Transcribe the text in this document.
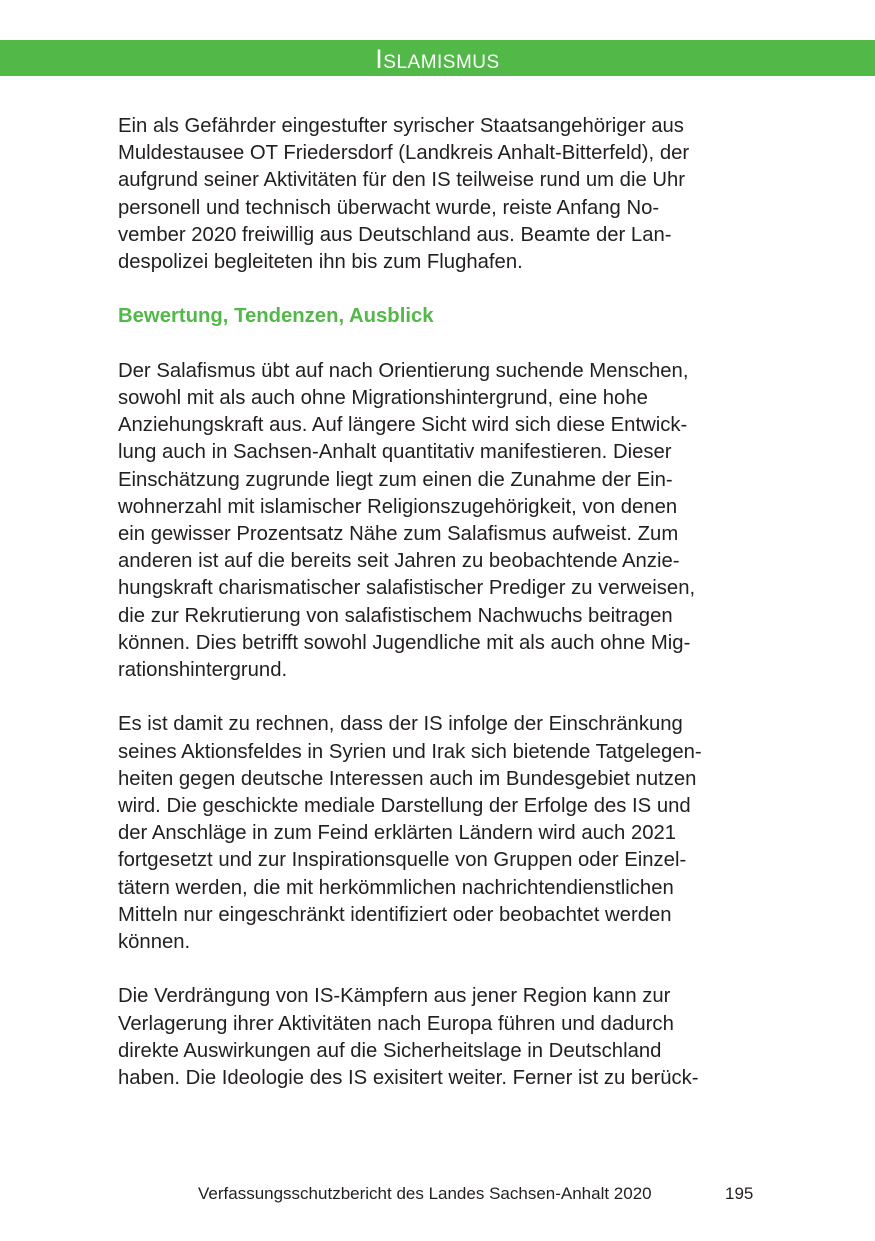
Islamismus

Ein als Gefährder eingestufter syrischer Staatsangehöriger aus
Muldestausee OT Friedersdorf (Landkreis Anhalt-Bitterfeld), der
aufgrund seiner Aktivitäten für den IS teilweise rund um die Uhr
personell und technisch überwacht wurde, reiste Anfang No-
vember 2020 freiwillig aus Deutschland aus. Beamte der Lan-
despolizei begleiteten ihn bis zum Flughafen.

Bewertung, Tendenzen, Ausblick

Der Salafismus übt auf nach Orientierung suchende Menschen,
sowohl mit als auch ohne Migrationshintergrund, eine hohe
Anziehungskraft aus. Auf längere Sicht wird sich diese Entwick-
lung auch in Sachsen-Anhalt quantitativ manifestieren. Dieser
Einschätzung zugrunde liegt zum einen die Zunahme der Ein-
wohnerzahl mit islamischer Religionszugehörigkeit, von denen
ein gewisser Prozentsatz Nähe zum Salafismus aufweist. Zum
anderen ist auf die bereits seit Jahren zu beobachtende Anzie-
hungskraft charismatischer salafistischer Prediger zu verweisen,
die zur Rekrutierung von salafistischem Nachwuchs beitragen
können. Dies betrifft sowohl Jugendliche mit als auch ohne Mig-
rationshintergrund.

Es ist damit zu rechnen, dass der IS infolge der Einschränkung
seines Aktionsfeldes in Syrien und Irak sich bietende Tatgelegen-
heiten gegen deutsche Interessen auch im Bundesgebiet nutzen
wird. Die geschickte mediale Darstellung der Erfolge des IS und
der Anschläge in zum Feind erklärten Ländern wird auch 2021
fortgesetzt und zur Inspirationsquelle von Gruppen oder Einzel-
tätern werden, die mit herkömmlichen nachrichtendienstlichen
Mitteln nur eingeschränkt identifiziert oder beobachtet werden
können.

Die Verdrängung von IS-Kämpfern aus jener Region kann zur
Verlagerung ihrer Aktivitäten nach Europa führen und dadurch
direkte Auswirkungen auf die Sicherheitslage in Deutschland
haben. Die Ideologie des IS exisitert weiter. Ferner ist zu berück-

Verfassungsschutzbericht des Landes Sachsen-Anhalt 2020	195
